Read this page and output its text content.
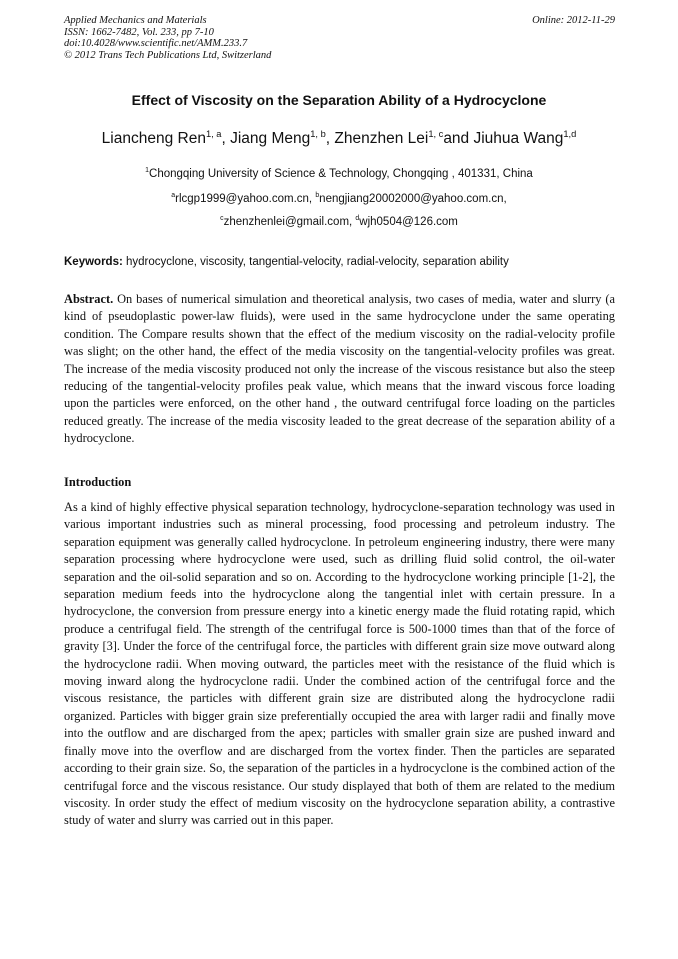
Applied Mechanics and Materials
ISSN: 1662-7482, Vol. 233, pp 7-10
doi:10.4028/www.scientific.net/AMM.233.7
© 2012 Trans Tech Publications Ltd, Switzerland
Online: 2012-11-29
Effect of Viscosity on the Separation Ability of a Hydrocyclone
Liancheng Ren$^{1, a}$, Jiang Meng$^{1, b}$, Zhenzhen Lei$^{1, c}$and Jiuhua Wang$^{1,d}$
$^1$Chongqing University of Science & Technology, Chongqing , 401331, China
$^a$rlcgp1999@yahoo.com.cn, $^b$nengjiang20002000@yahoo.com.cn,
$^c$zhenzhenlei@gmail.com, $^d$wjh0504@126.com
Keywords: hydrocyclone, viscosity, tangential-velocity, radial-velocity, separation ability
Abstract. On bases of numerical simulation and theoretical analysis, two cases of media, water and slurry (a kind of pseudoplastic power-law fluids), were used in the same hydrocyclone under the same operating condition. The Compare results shown that the effect of the medium viscosity on the radial-velocity profile was slight; on the other hand, the effect of the media viscosity on the tangential-velocity profiles was great. The increase of the media viscosity produced not only the increase of the viscous resistance but also the steep reducing of the tangential-velocity profiles peak value, which means that the inward viscous force loading upon the particles were enforced, on the other hand , the outward centrifugal force loading on the particles reduced greatly. The increase of the media viscosity leaded to the great decrease of the separation ability of a hydrocyclone.
Introduction
As a kind of highly effective physical separation technology, hydrocyclone-separation technology was used in various important industries such as mineral processing, food processing and petroleum industry. The separation equipment was generally called hydrocyclone. In petroleum engineering industry, there were many separation processing where hydrocyclone were used, such as drilling fluid solid control, the oil-water separation and the oil-solid separation and so on. According to the hydrocyclone working principle [1-2], the separation medium feeds into the hydrocyclone along the tangential inlet with certain pressure. In a hydrocyclone, the conversion from pressure energy into a kinetic energy made the fluid rotating rapid, which produce a centrifugal field. The strength of the centrifugal force is 500-1000 times than that of the force of gravity [3]. Under the force of the centrifugal force, the particles with different grain size move outward along the hydrocyclone radii. When moving outward, the particles meet with the resistance of the fluid which is moving inward along the hydrocyclone radii. Under the combined action of the centrifugal force and the viscous resistance, the particles with different grain size are distributed along the hydrocyclone radii organized. Particles with bigger grain size preferentially occupied the area with larger radii and finally move into the outflow and are discharged from the apex; particles with smaller grain size are pushed inward and finally move into the overflow and are discharged from the vortex finder. Then the particles are separated according to their grain size. So, the separation of the particles in a hydrocyclone is the combined action of the centrifugal force and the viscous resistance. Our study displayed that both of them are related to the medium viscosity. In order study the effect of medium viscosity on the hydrocyclone separation ability, a contrastive study of water and slurry was carried out in this paper.
